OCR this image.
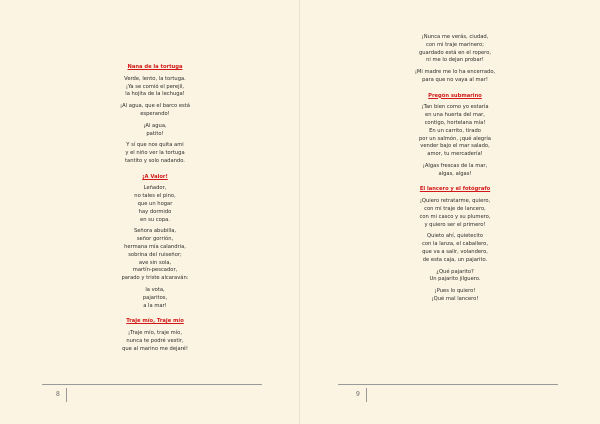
Nana de la tortuga
Verde, lento, la tortuga.
¡Ya se comió el perejil,
la hojita de la lechuga!
¡Al agua, que el barco está
esperando!
¡Al agua,
patito!
Y sí que nos quita ami
y el niño ver la tortuga
tantito y solo nadando.
¡A Valor!
Leñador,
no tales el pino,
que un hogar
hay dormido
en su copa.
Señora abubilla,
señor gorrión,
hermana mía calandria,
sobrina del ruiseñor;
ave sin sola,
martín-pescador,
parado y triste alcaraván:
la vota,
pajaritos,
a la mar!
Traje mío, Traje mío
¡Traje mío, traje mío,
nunca te podré vestir,
que al marino me dejaré!
8
¡Nunca me verás, ciudad,
con mi traje marinero;
guardado está en el ropero,
ni me lo dejan probar!
¡Mi madre me lo ha encerrado,
para que no vaya al mar!
Pregón submarino
¡Tan bien como yo estaría
en una huerta del mar,
contigo, hortelana mía!
En un carrito, tirado
por un salmón, ¡qué alegría
vender bajo el mar salado,
amor, tu mercadería!
¡Algas frescas de la mar,
algas, algas!
El lancero y el fotógrafo
¡Quiero retratarme, quiero,
con mi traje de lancero,
con mi casco y su plumero,
y quiero ser el primero!
Quieto ahí, quietecito
con la lanza, el caballero,
que va a salir, volandero,
de esta caja, un pajarito.
¿Qué pajarito?
Un pajarito jilguero.
¡Pues lo quiero!
¡Qué mal lancero!
9
